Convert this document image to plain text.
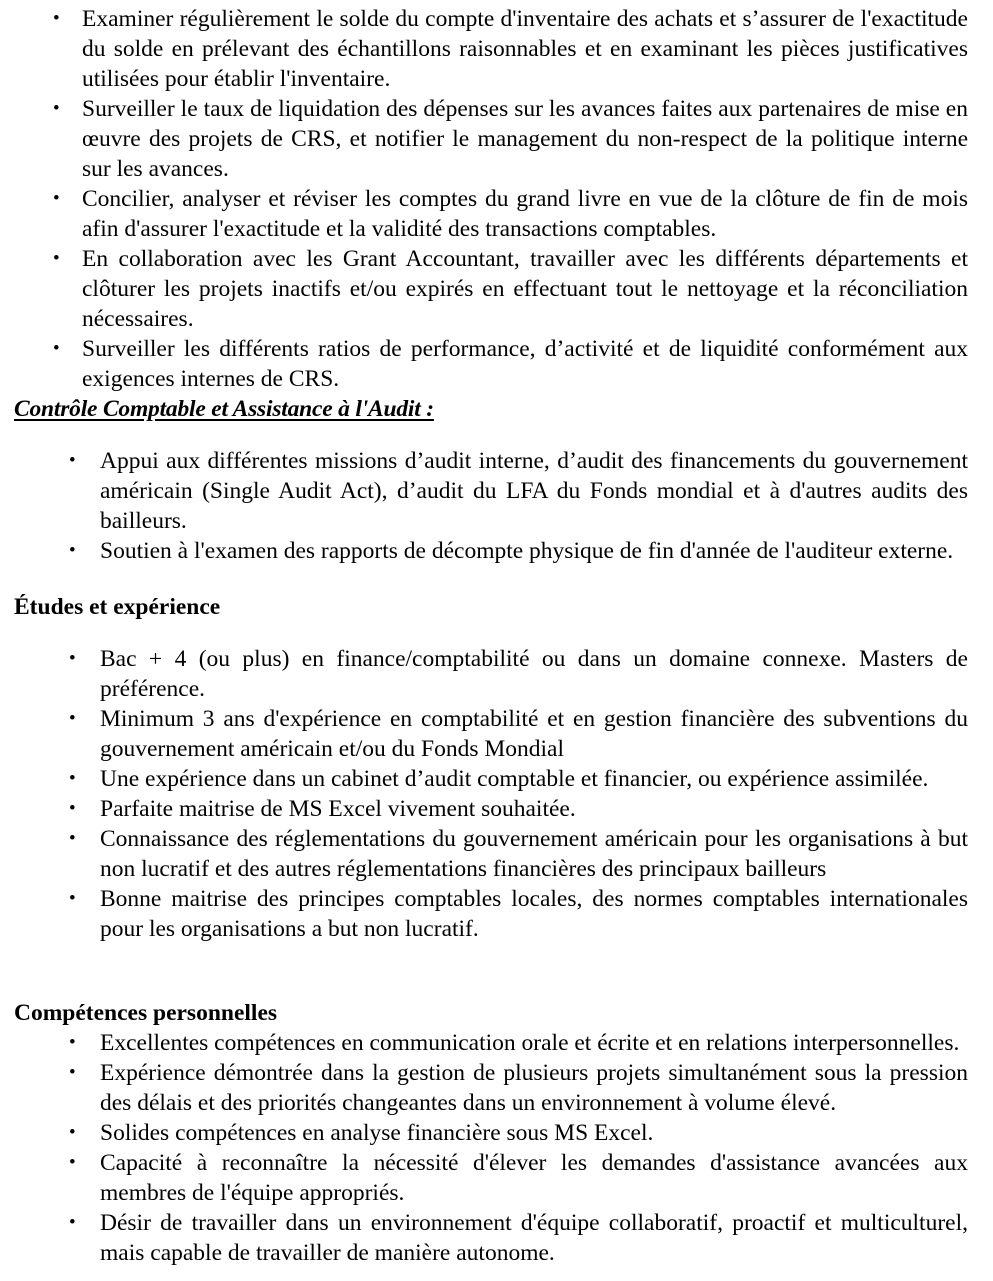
• Examiner régulièrement le solde du compte d'inventaire des achats et s’assurer de l'exactitude du solde en prélevant des échantillons raisonnables et en examinant les pièces justificatives utilisées pour établir l'inventaire.
• Surveiller le taux de liquidation des dépenses sur les avances faites aux partenaires de mise en œuvre des projets de CRS, et notifier le management du non-respect de la politique interne sur les avances.
• Concilier, analyser et réviser les comptes du grand livre en vue de la clôture de fin de mois afin d'assurer l'exactitude et la validité des transactions comptables.
• En collaboration avec les Grant Accountant, travailler avec les différents départements et clôturer les projets inactifs et/ou expirés en effectuant tout le nettoyage et la réconciliation nécessaires.
• Surveiller les différents ratios de performance, d’activité et de liquidité conformément aux exigences internes de CRS.
Contrôle Comptable et Assistance à l'Audit :
• Appui aux différentes missions d’audit interne, d’audit des financements du gouvernement américain (Single Audit Act), d’audit du LFA du Fonds mondial et à d'autres audits des bailleurs.
• Soutien à l'examen des rapports de décompte physique de fin d'année de l'auditeur externe.
Études et expérience
• Bac + 4 (ou plus) en finance/comptabilité ou dans un domaine connexe. Masters de préférence.
• Minimum 3 ans d'expérience en comptabilité et en gestion financière des subventions du gouvernement américain et/ou du Fonds Mondial
• Une expérience dans un cabinet d’audit comptable et financier, ou expérience assimilée.
• Parfaite maitrise de MS Excel vivement souhaitée.
• Connaissance des réglementations du gouvernement américain pour les organisations à but non lucratif et des autres réglementations financières des principaux bailleurs
• Bonne maitrise des principes comptables locales, des normes comptables internationales pour les organisations a but non lucratif.
Compétences personnelles
• Excellentes compétences en communication orale et écrite et en relations interpersonnelles.
• Expérience démontrée dans la gestion de plusieurs projets simultanément sous la pression des délais et des priorités changeantes dans un environnement à volume élevé.
• Solides compétences en analyse financière sous MS Excel.
• Capacité à reconnaître la nécessité d'élever les demandes d'assistance avancées aux membres de l'équipe appropriés.
• Désir de travailler dans un environnement d'équipe collaboratif, proactif et multiculturel, mais capable de travailler de manière autonome.
